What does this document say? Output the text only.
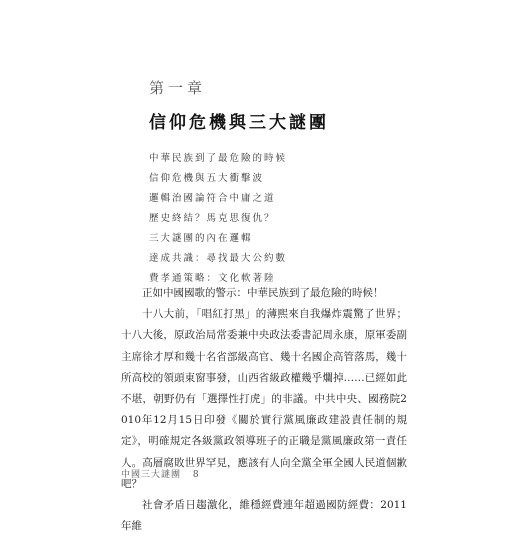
第一章
信仰危機與三大謎團
中華民族到了最危險的時候
信仰危機與五大衝擊波
邏輯治國論符合中庸之道
歷史終結？馬克思復仇？
三大謎團的內在邏輯
達成共識：尋找最大公約數
費孝通策略：文化軟著陸

正如中國國歌的警示：中華民族到了最危險的時候！

十八大前，「唱紅打黑」的薄熙來自我爆炸震驚了世界；十八大後，原政治局常委兼中央政法委書記周永康，原軍委副主席徐才厚和幾十名省部級高官、幾十名國企高管落馬，幾十所高校的領頭東窗事發，山西省級政權幾乎爛掉……已經如此不堪，朝野仍有「選擇性打虎」的非議。中共中央、國務院2010年12月15日印發《關於實行黨風廉政建設責任制的規定》，明確規定各級黨政領導班子的正職是黨風廉政第一責任人。高層腐敗世界罕見，應該有人向全黨全軍全國人民道個歉吧？

社會矛盾日趨激化，維穩經費連年超過國防經費：2011年維

中國三大謎團 8
